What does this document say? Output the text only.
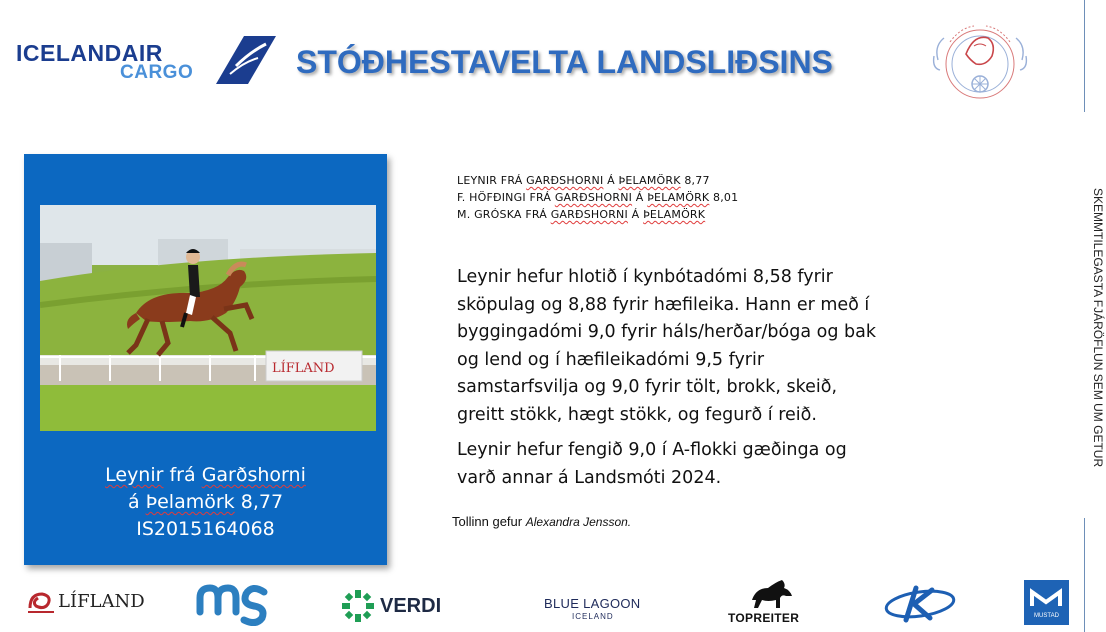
ICELANDAIR
CARGO	STÓÐHESTAVELTA LANDSLIÐSINS
SKEMMTILEGASTA FJÁRÖFLUN SEM UM GETUR
LÍFLAND
Leynir frá Garðshorni
á Þelamörk 8,77
IS2015164068
LEYNIR FRÁ GARÐSHORNI Á ÞELAMÖRK 8,77
F. HÖFÐINGI FRÁ GARÐSHORNI Á ÞELAMÖRK 8,01
M. GRÓSKA FRÁ GARÐSHORNI Á ÞELAMÖRK

Leynir hefur hlotið í kynbótadómi 8,58 fyrir sköpulag og 8,88 fyrir hæfileika. Hann er með í byggingadómi 9,0 fyrir háls/herðar/bóga og bak og lend og í hæfileikadómi 9,5 fyrir samstarfsvilja og 9,0 fyrir tölt, brokk, skeið, greitt stökk, hægt stökk, og fegurð í reið.

Leynir hefur fengið 9,0 í A-flokki gæðinga og varð annar á Landsmóti 2024.

Tollinn gefur Alexandra Jensson.
LÍFLAND	VERDI	BLUE LAGOON
ICELAND	TOPREITER	MUSTAD
